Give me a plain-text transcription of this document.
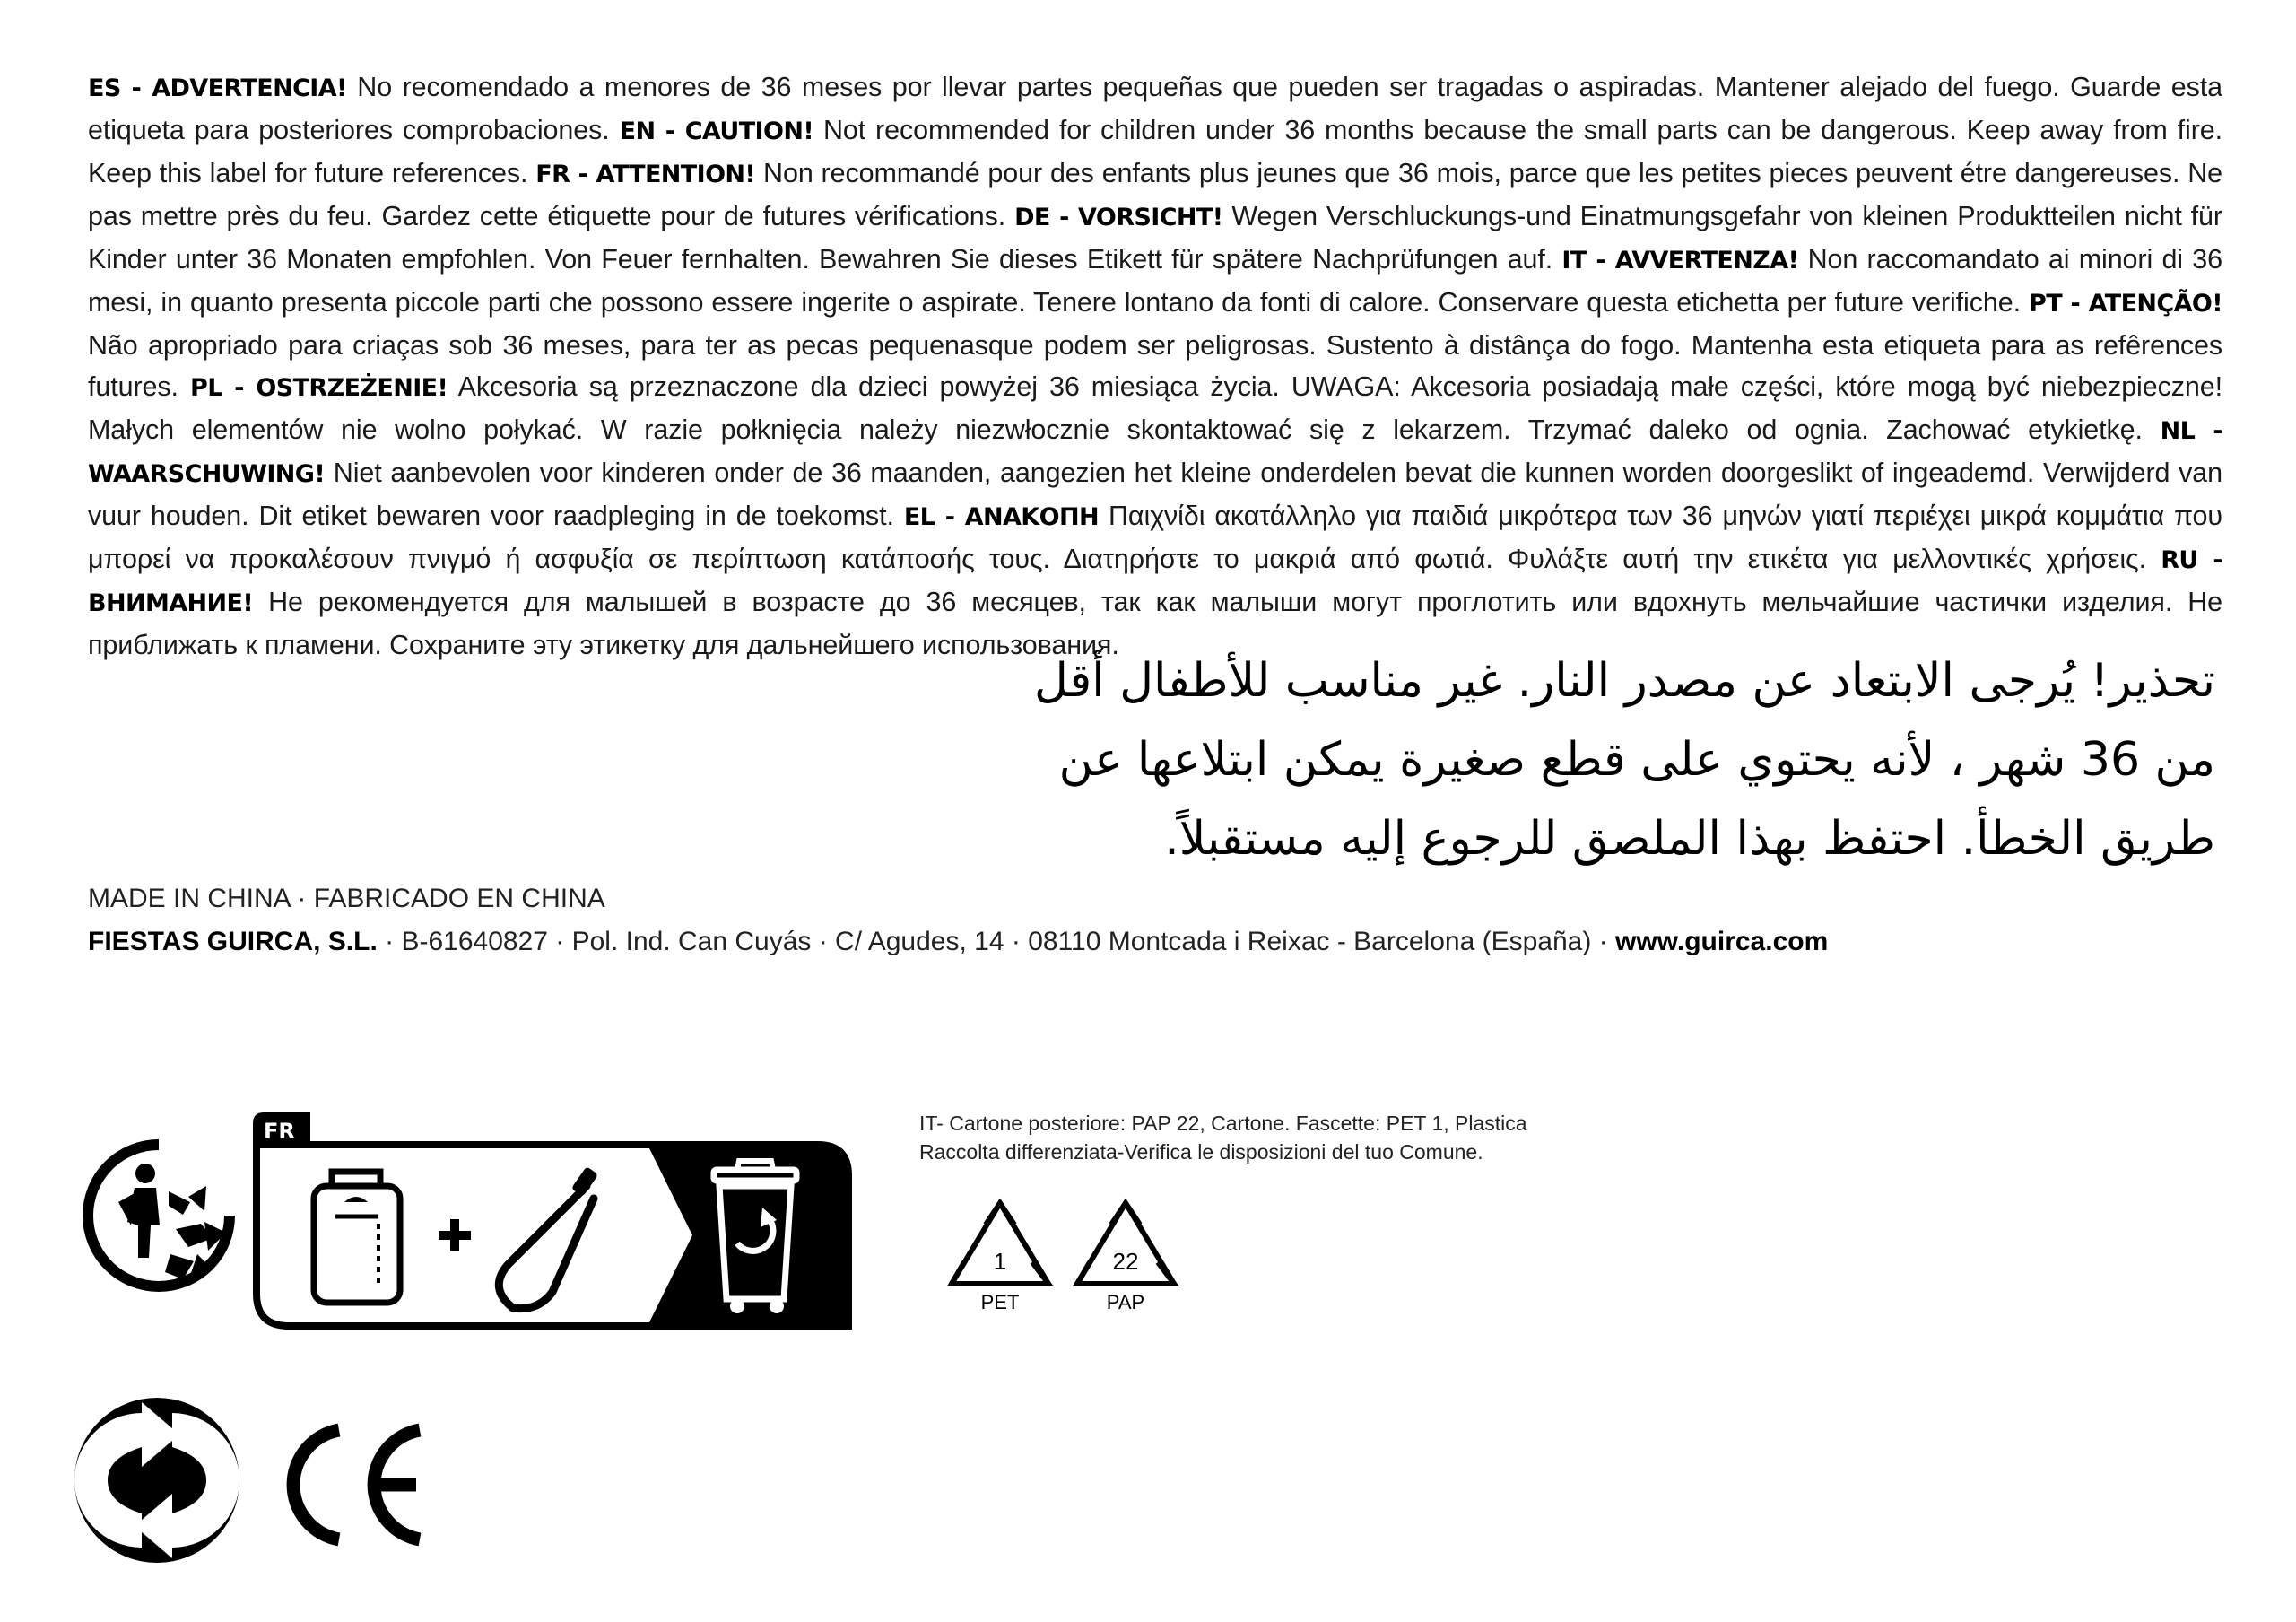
ES - ADVERTENCIA! No recomendado a menores de 36 meses por llevar partes pequeñas que pueden ser tragadas o aspiradas. Mantener alejado del fuego. Guarde esta etiqueta para posteriores comprobaciones. EN - CAUTION! Not recommended for children under 36 months because the small parts can be dangerous. Keep away from fire. Keep this label for future references. FR - ATTENTION! Non recommandé pour des enfants plus jeunes que 36 mois, parce que les petites pieces peuvent étre dangereuses. Ne pas mettre près du feu. Gardez cette étiquette pour de futures vérifications. DE - VORSICHT! Wegen Verschluckungs-und Einatmungsgefahr von kleinen Produktteilen nicht für Kinder unter 36 Monaten empfohlen. Von Feuer fernhalten. Bewahren Sie dieses Etikett für spätere Nachprüfungen auf. IT - AVVERTENZA! Non raccomandato ai minori di 36 mesi, in quanto presenta piccole parti che possono essere ingerite o aspirate. Tenere lontano da fonti di calore. Conservare questa etichetta per future verifiche. PT - ATENÇÃO! Não apropriado para criaças sob 36 meses, para ter as pecas pequenasque podem ser peligrosas. Sustento à distânça do fogo. Mantenha esta etiqueta para as refêrences futures. PL - OSTRZEŻENIE! Akcesoria są przeznaczone dla dzieci powyżej 36 miesiąca życia. UWAGA: Akcesoria posiadają małe części, które mogą być niebezpieczne! Małych elementów nie wolno połykać. W razie połknięcia należy niezwłocznie skontaktować się z lekarzem. Trzymać daleko od ognia. Zachować etykietkę. NL - WAARSCHUWING! Niet aanbevolen voor kinderen onder de 36 maanden, aangezien het kleine onderdelen bevat die kunnen worden doorgeslikt of ingeademd. Verwijderd van vuur houden. Dit etiket bewaren voor raadpleging in de toekomst. EL - ΑΝΑΚΟΠΗ Παιχνίδι ακατάλληλο για παιδιά μικρότερα των 36 μηνών γιατί περιέχει μικρά κομμάτια που μπορεί να προκαλέσουν πνιγμό ή ασφυξία σε περίπτωση κατάποσής τους. Διατηρήστε το μακριά από φωτιά. Φυλάξτε αυτή την ετικέτα για μελλοντικές χρήσεις. RU - ВНИМАНИЕ! Не рекомендуется для малышей в возрасте до 36 месяцев, так как малыши могут проглотить или вдохнуть мельчайшие частички изделия. Не приближать к пламени. Сохраните эту этикетку для дальнейшего использования.
تحذير! يُرجى الابتعاد عن مصدر النار. غير مناسب للأطفال أقل
من 36 شهر ، لأنه يحتوي على قطع صغيرة يمكن ابتلاعها عن
طريق الخطأ. احتفظ بهذا الملصق للرجوع إليه مستقبلاً.
MADE IN CHINA · FABRICADO EN CHINA
FIESTAS GUIRCA, S.L. · B-61640827 · Pol. Ind. Can Cuyás · C/ Agudes, 14 · 08110 Montcada i Reixac - Barcelona (España) · www.guirca.com
FR	IT- Cartone posteriore: PAP 22, Cartone. Fascette: PET 1, Plastica
Raccolta differenziata-Verifica le disposizioni del tuo Comune.
1
PET
22
PAP
